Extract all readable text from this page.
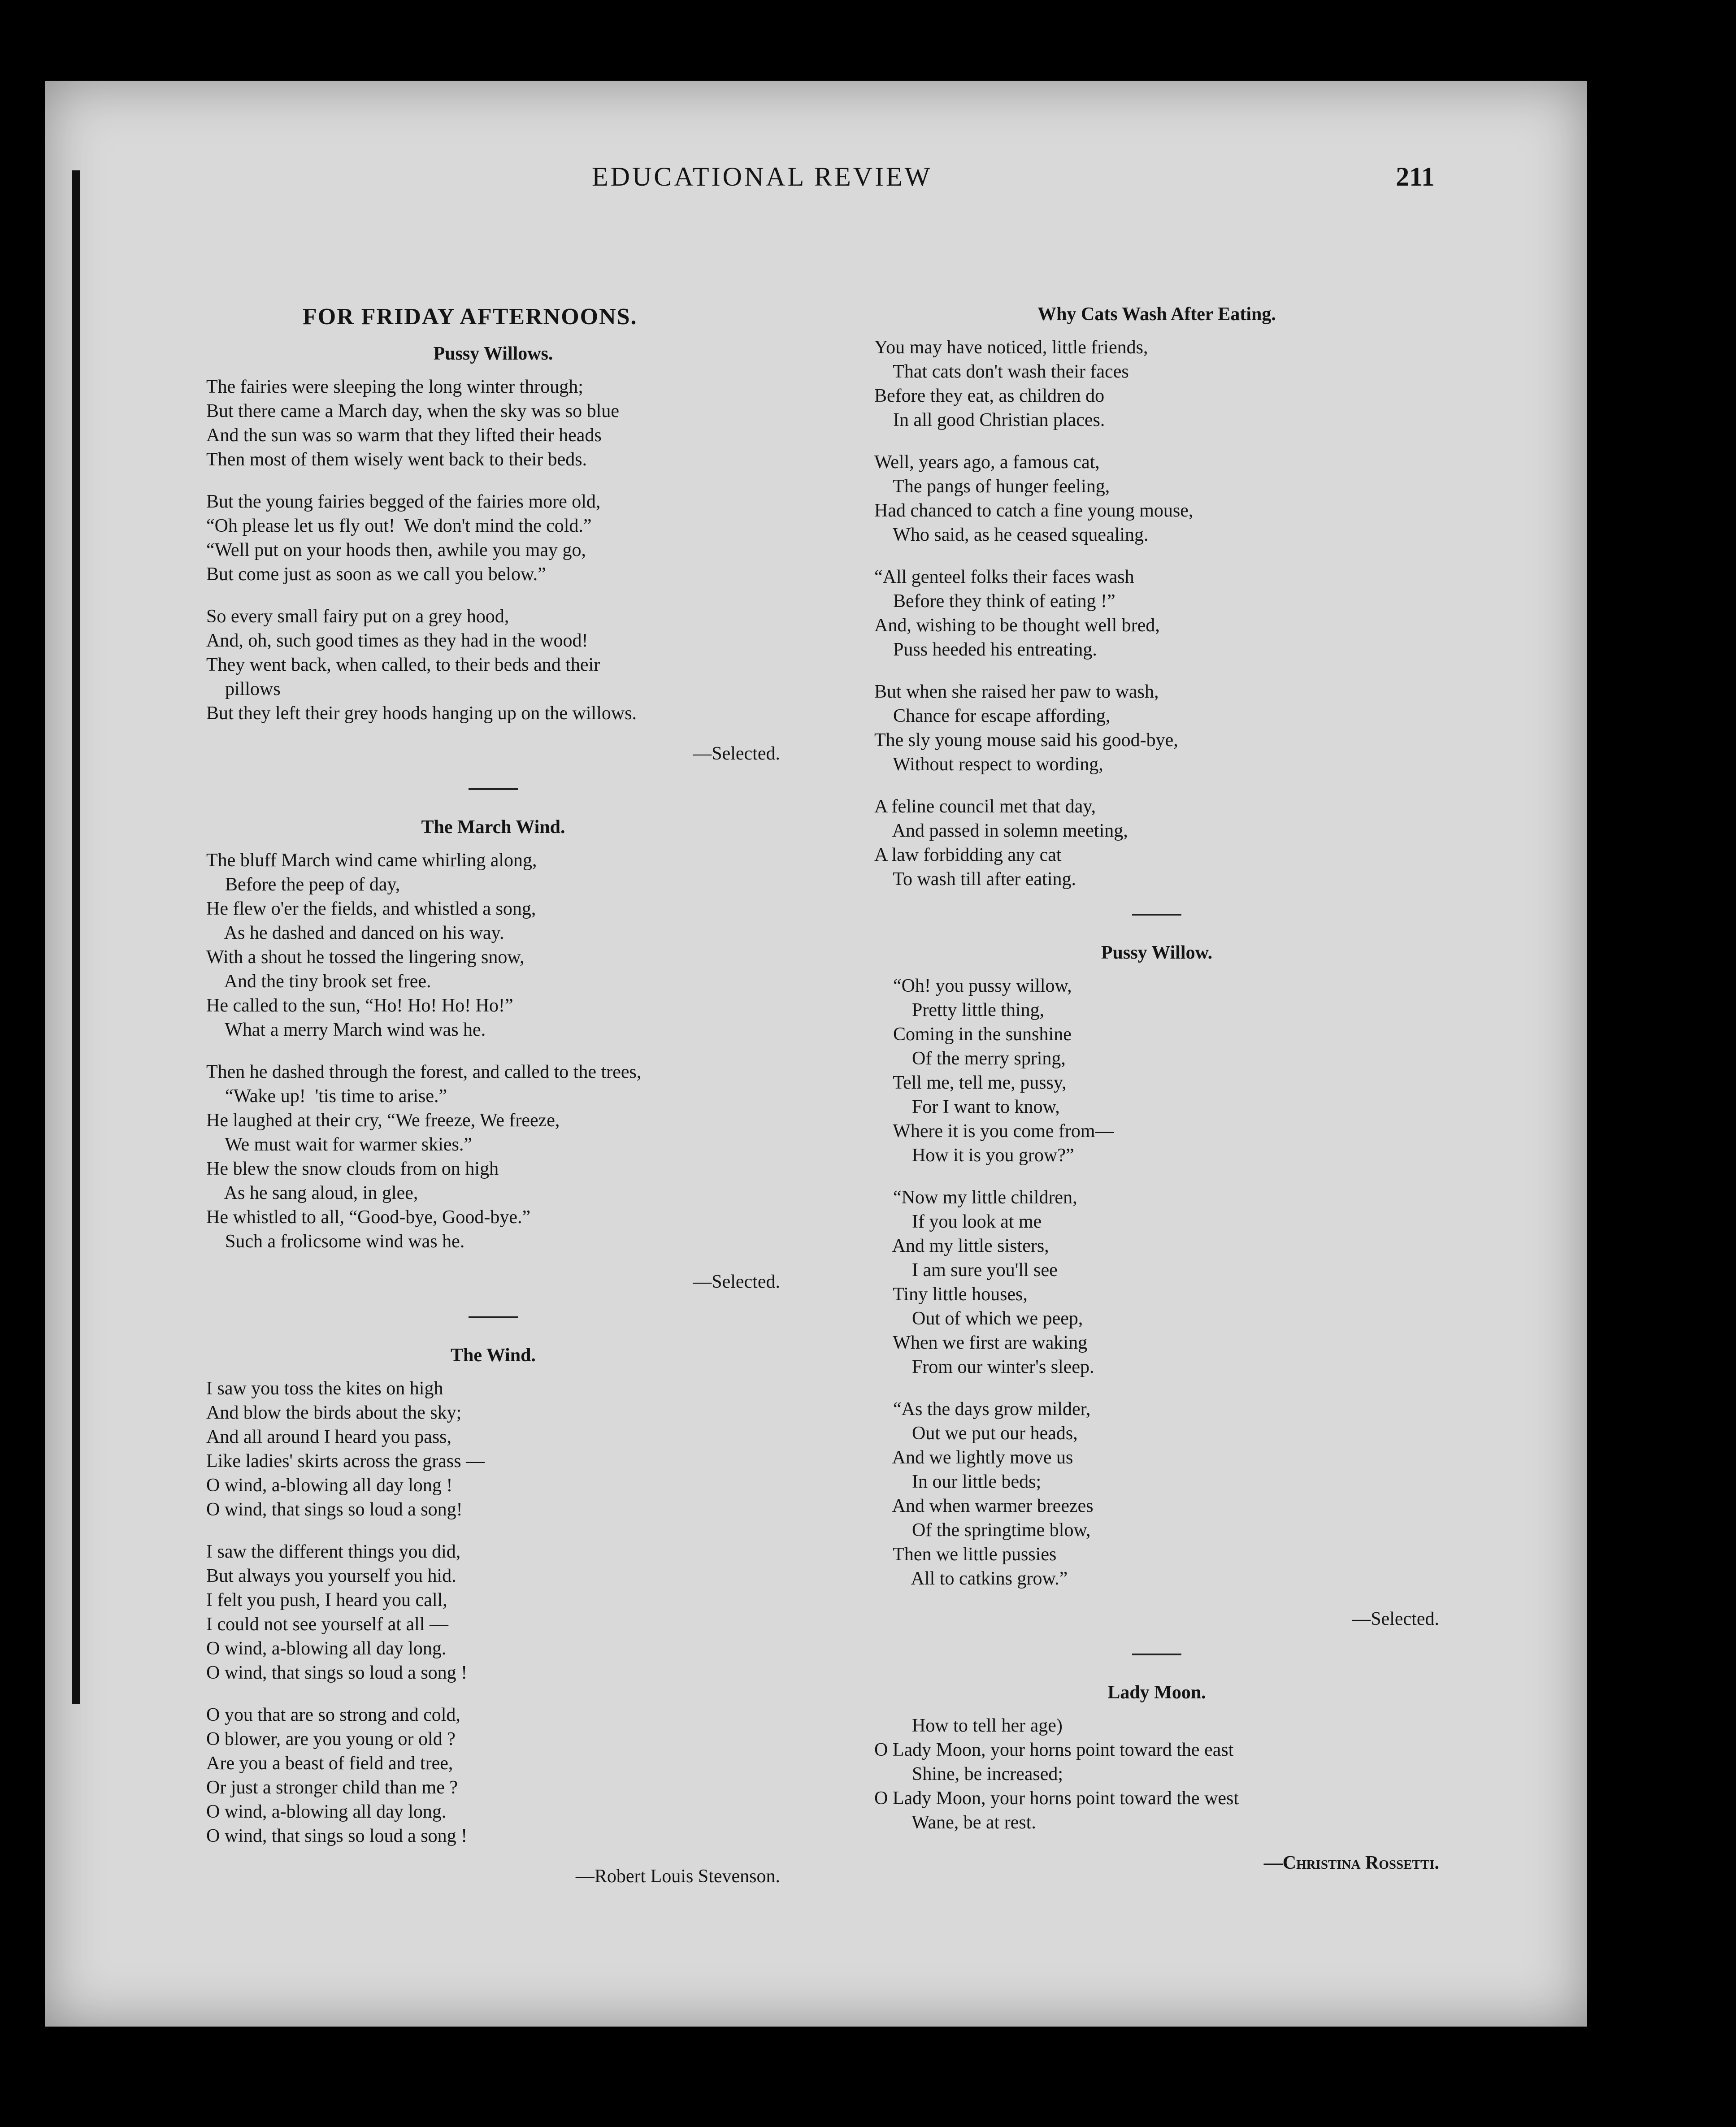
EDUCATIONAL REVIEW	211
FOR FRIDAY AFTERNOONS.
Pussy Willows.
The fairies were sleeping the long winter through;
But there came a March day, when the sky was so blue
And the sun was so warm that they lifted their heads
Then most of them wisely went back to their beds.
But the young fairies begged of the fairies more old,
“Oh please let us fly out!  We don't mind the cold.”
“Well put on your hoods then, awhile you may go,
But come just as soon as we call you below.”
So every small fairy put on a grey hood,
And, oh, such good times as they had in the wood!
They went back, when called, to their beds and their
pillows
But they left their grey hoods hanging up on the willows.
—Selected.
The March Wind.
The bluff March wind came whirling along,
Before the peep of day,
He flew o'er the fields, and whistled a song,
As he dashed and danced on his way.
With a shout he tossed the lingering snow,
And the tiny brook set free.
He called to the sun, “Ho! Ho! Ho! Ho!”
What a merry March wind was he.
Then he dashed through the forest, and called to the trees,
“Wake up!  'tis time to arise.”
He laughed at their cry, “We freeze, We freeze,
We must wait for warmer skies.”
He blew the snow clouds from on high
As he sang aloud, in glee,
He whistled to all, “Good-bye, Good-bye.”
Such a frolicsome wind was he.
—Selected.
The Wind.
I saw you toss the kites on high
And blow the birds about the sky;
And all around I heard you pass,
Like ladies' skirts across the grass —
O wind, a-blowing all day long !
O wind, that sings so loud a song!
I saw the different things you did,
But always you yourself you hid.
I felt you push, I heard you call,
I could not see yourself at all —
O wind, a-blowing all day long.
O wind, that sings so loud a song !
O you that are so strong and cold,
O blower, are you young or old ?
Are you a beast of field and tree,
Or just a stronger child than me ?
O wind, a-blowing all day long.
O wind, that sings so loud a song !
—Robert Louis Stevenson.
Why Cats Wash After Eating.
You may have noticed, little friends,
That cats don't wash their faces
Before they eat, as children do
In all good Christian places.
Well, years ago, a famous cat,
The pangs of hunger feeling,
Had chanced to catch a fine young mouse,
Who said, as he ceased squealing.
“All genteel folks their faces wash
Before they think of eating !”
And, wishing to be thought well bred,
Puss heeded his entreating.
But when she raised her paw to wash,
Chance for escape affording,
The sly young mouse said his good-bye,
Without respect to wording,
A feline council met that day,
And passed in solemn meeting,
A law forbidding any cat
To wash till after eating.
Pussy Willow.
“Oh! you pussy willow,
Pretty little thing,
Coming in the sunshine
Of the merry spring,
Tell me, tell me, pussy,
For I want to know,
Where it is you come from—
How it is you grow?”
“Now my little children,
If you look at me
And my little sisters,
I am sure you'll see
Tiny little houses,
Out of which we peep,
When we first are waking
From our winter's sleep.
“As the days grow milder,
Out we put our heads,
And we lightly move us
In our little beds;
And when warmer breezes
Of the springtime blow,
Then we little pussies
All to catkins grow.”
—Selected.
Lady Moon.
How to tell her age)
O Lady Moon, your horns point toward the east
Shine, be increased;
O Lady Moon, your horns point toward the west
Wane, be at rest.
—Christina Rossetti.
